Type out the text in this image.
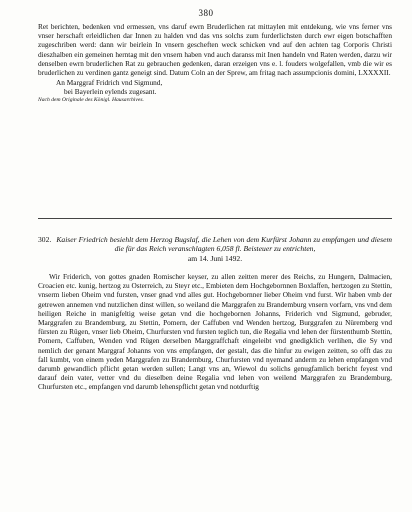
380

Ret berichten, bedenken vnd ermessen, vns daruf ewrn Bruderlichen rat mittaylen mit entdekung, wie vns ferner vns vnser herschaft erleidlichen dar Innen zu halden vnd das vns solchs zum furderlichsten durch ewr eigen botschafften zugeschriben werd: dann wir beirlein In vnsern gescheften weck schicken vnd auf den achten tag Corporis Christi dieszhalben ein gemeinen herntag mit den vnsern haben vnd auch daranss mit Inen handeln vnd Raten werden, darzu wir denselben ewrn bruderlichen Rat zu gebrauchen gedenken, daran erzeigen vns e. l. fouders wolgefallen, vmb die wir es bruderlichen zu verdinen gantz geneigt sind. Datum Coln an der Sprew, am fritag nach assumpcionis domini, LXXXXII.

An Marggraf Fridrich vnd Sigmund,

bei Bayerlein eylends zugesant.

Nach dem Originale des Königl. Hausarchives.

302. Kaiser Friedrich besiehlt dem Herzog Bugslaf, die Lehen von dem Kurfürst Johann zu empfangen und diesem die für das Reich veranschlagten 6,058 fl. Beisteuer zu entrichten,
am 14. Juni 1492.

Wir Friderich, von gottes gnaden Romischer keyser, zu allen zeitten merer des Reichs, zu Hungern, Dalmacien, Croacien etc. kunig, hertzog zu Osterreich, zu Steyr etc., Embieten dem Hochgebornnen Boxlaffen, hertzogen zu Stettin, vnserm lieben Oheim vnd fursten, vnser gnad vnd alles gut. Hochgebornner lieber Oheim vnd furst. Wir haben vmb der getrewen annemen vnd nutzlichen dinst willen, so weiland die Marggrafen zu Brandemburg vnsern vorfarn, vns vnd dem heiligen Reiche in manigfeltig weise getan vnd die hochgebornen Johanns, Friderich vnd Sigmund, gebruder, Marggrafen zu Brandemburg, zu Stettin, Pomern, der Caffuben vnd Wenden hertzog, Burggrafen zu Nüremberg vnd fürsten zu Rügen, vnser lieb Oheim, Churfursten vnd fursten teglich tun, die Regalia vnd lehen der fürstenthumb Stettin, Pomern, Caffuben, Wenden vnd Rügen derselben Marggraffchaft eingeleibt vnd gnedigklich verlihen, die Sy vnd nemlich der genant Marggraf Johanns von vns empfangen, der gestalt, das die hinfur zu ewigen zeitten, so offt das zu fall kumbt, von einem yeden Marggrafen zu Brandemburg, Churfursten vnd nyemand anderm zu lehen empfangen vnd darumb gewandlich pflicht getan werden sullen; Langt vns an, Wiewol du solichs genugfamlich bericht feyest vnd darauf dein vater, vetter vnd du dieselben deine Regalia vnd lehen von weilend Marggrafen zu Brandemburg, Churfursten etc., empfangen vnd darumb lehenspflicht getan vnd notdurftig
